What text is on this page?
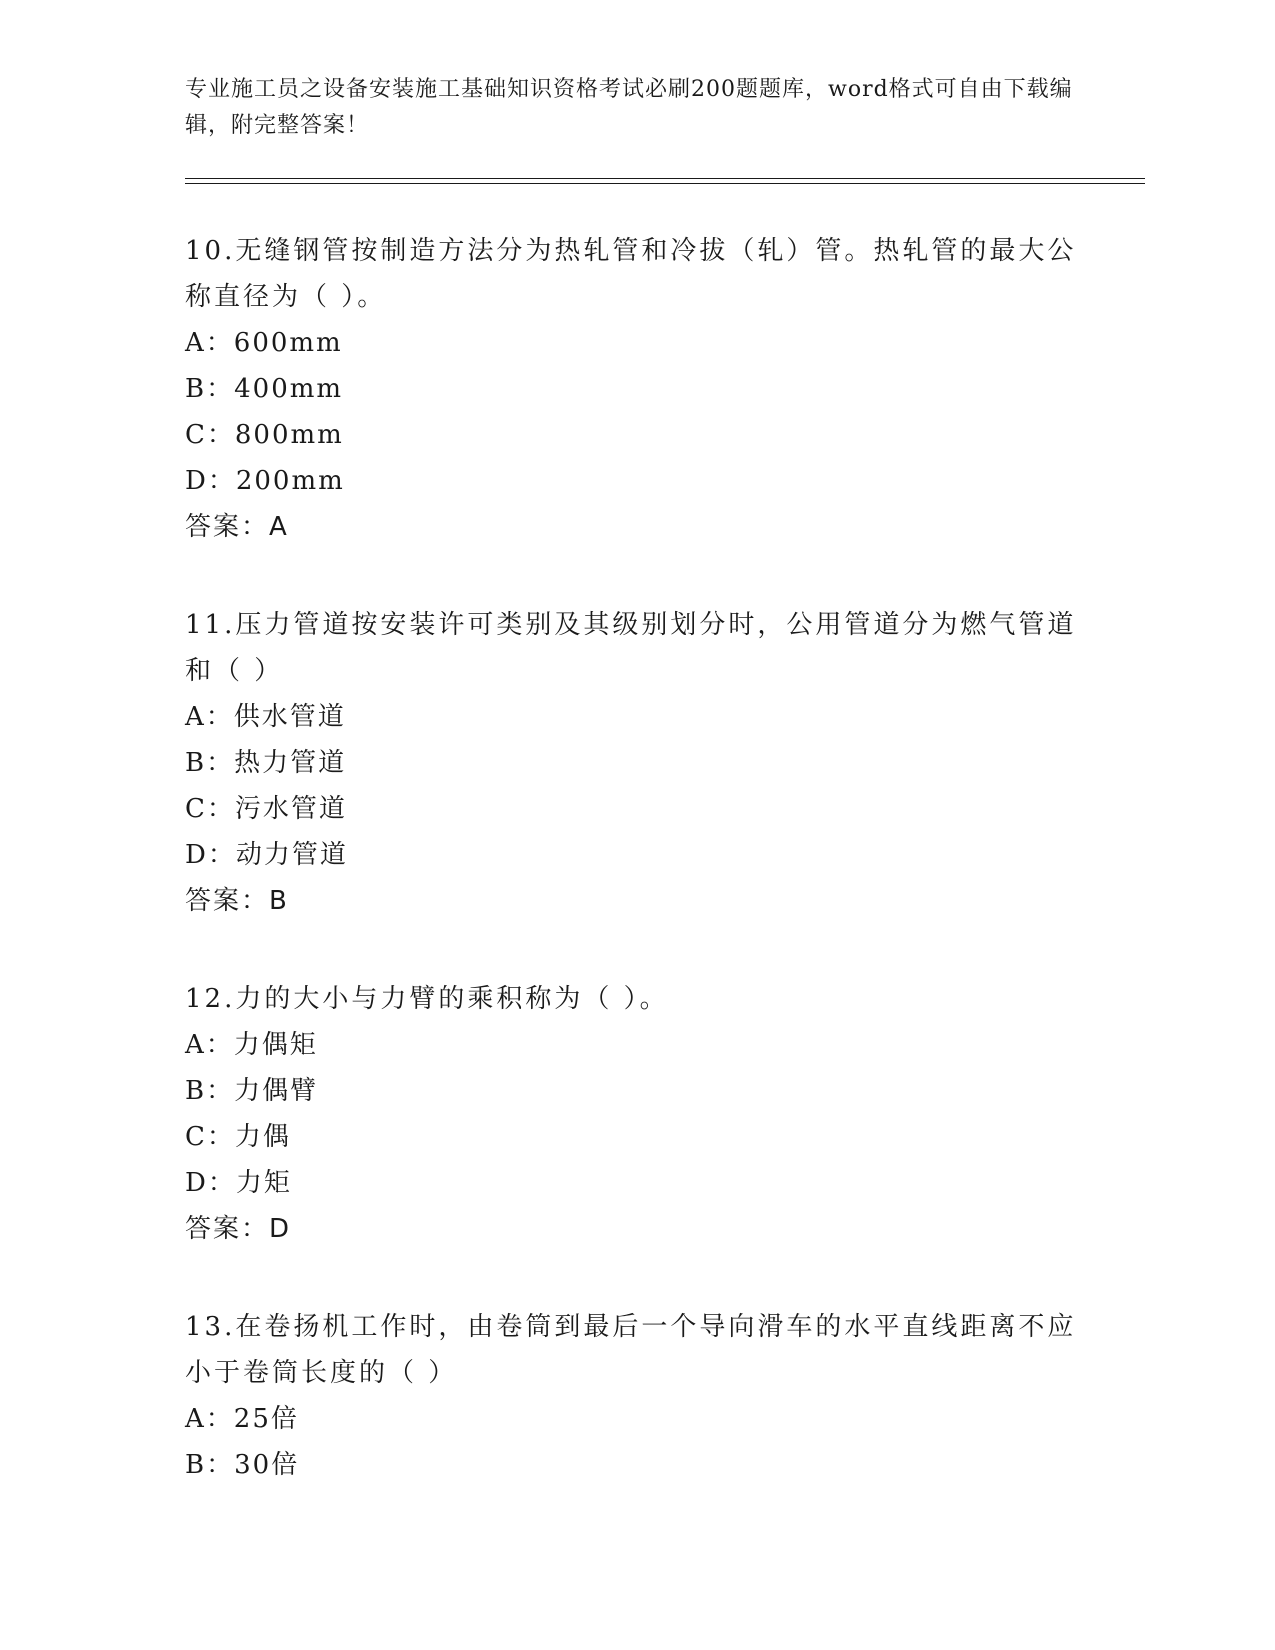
专业施工员之设备安装施工基础知识资格考试必刷200题题库，word格式可自由下载编辑，附完整答案！
10.无缝钢管按制造方法分为热轧管和冷拔（轧）管。热轧管的最大公称直径为（ ）。
A：600mm
B：400mm
C：800mm
D：200mm
答案：A
11.压力管道按安装许可类别及其级别划分时，公用管道分为燃气管道和（ ）
A：供水管道
B：热力管道
C：污水管道
D：动力管道
答案：B
12.力的大小与力臂的乘积称为（ ）。
A：力偶矩
B：力偶臂
C：力偶
D：力矩
答案：D
13.在卷扬机工作时，由卷筒到最后一个导向滑车的水平直线距离不应小于卷筒长度的（ ）
A：25倍
B：30倍
